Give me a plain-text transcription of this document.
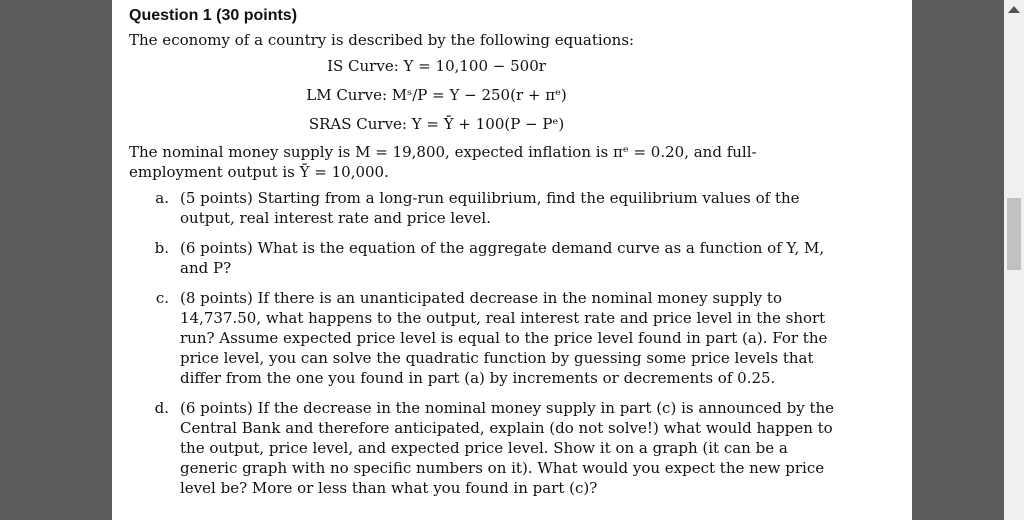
Question 1 (30 points)
The economy of a country is described by the following equations:
IS Curve: Y = 10,100 − 500r
LM Curve: Mˢ/P = Y − 250(r + πᵉ)
SRAS Curve: Y = Ȳ + 100(P − Pᵉ)
The nominal money supply is M = 19,800, expected inflation is πᵉ = 0.20, and full-employment output is Ȳ = 10,000.
a. (5 points) Starting from a long-run equilibrium, find the equilibrium values of the output, real interest rate and price level.
b. (6 points) What is the equation of the aggregate demand curve as a function of Y, M, and P?
c. (8 points) If there is an unanticipated decrease in the nominal money supply to 14,737.50, what happens to the output, real interest rate and price level in the short run? Assume expected price level is equal to the price level found in part (a). For the price level, you can solve the quadratic function by guessing some price levels that differ from the one you found in part (a) by increments or decrements of 0.25.
d. (6 points) If the decrease in the nominal money supply in part (c) is announced by the Central Bank and therefore anticipated, explain (do not solve!) what would happen to the output, price level, and expected price level. Show it on a graph (it can be a generic graph with no specific numbers on it). What would you expect the new price level be? More or less than what you found in part (c)?
